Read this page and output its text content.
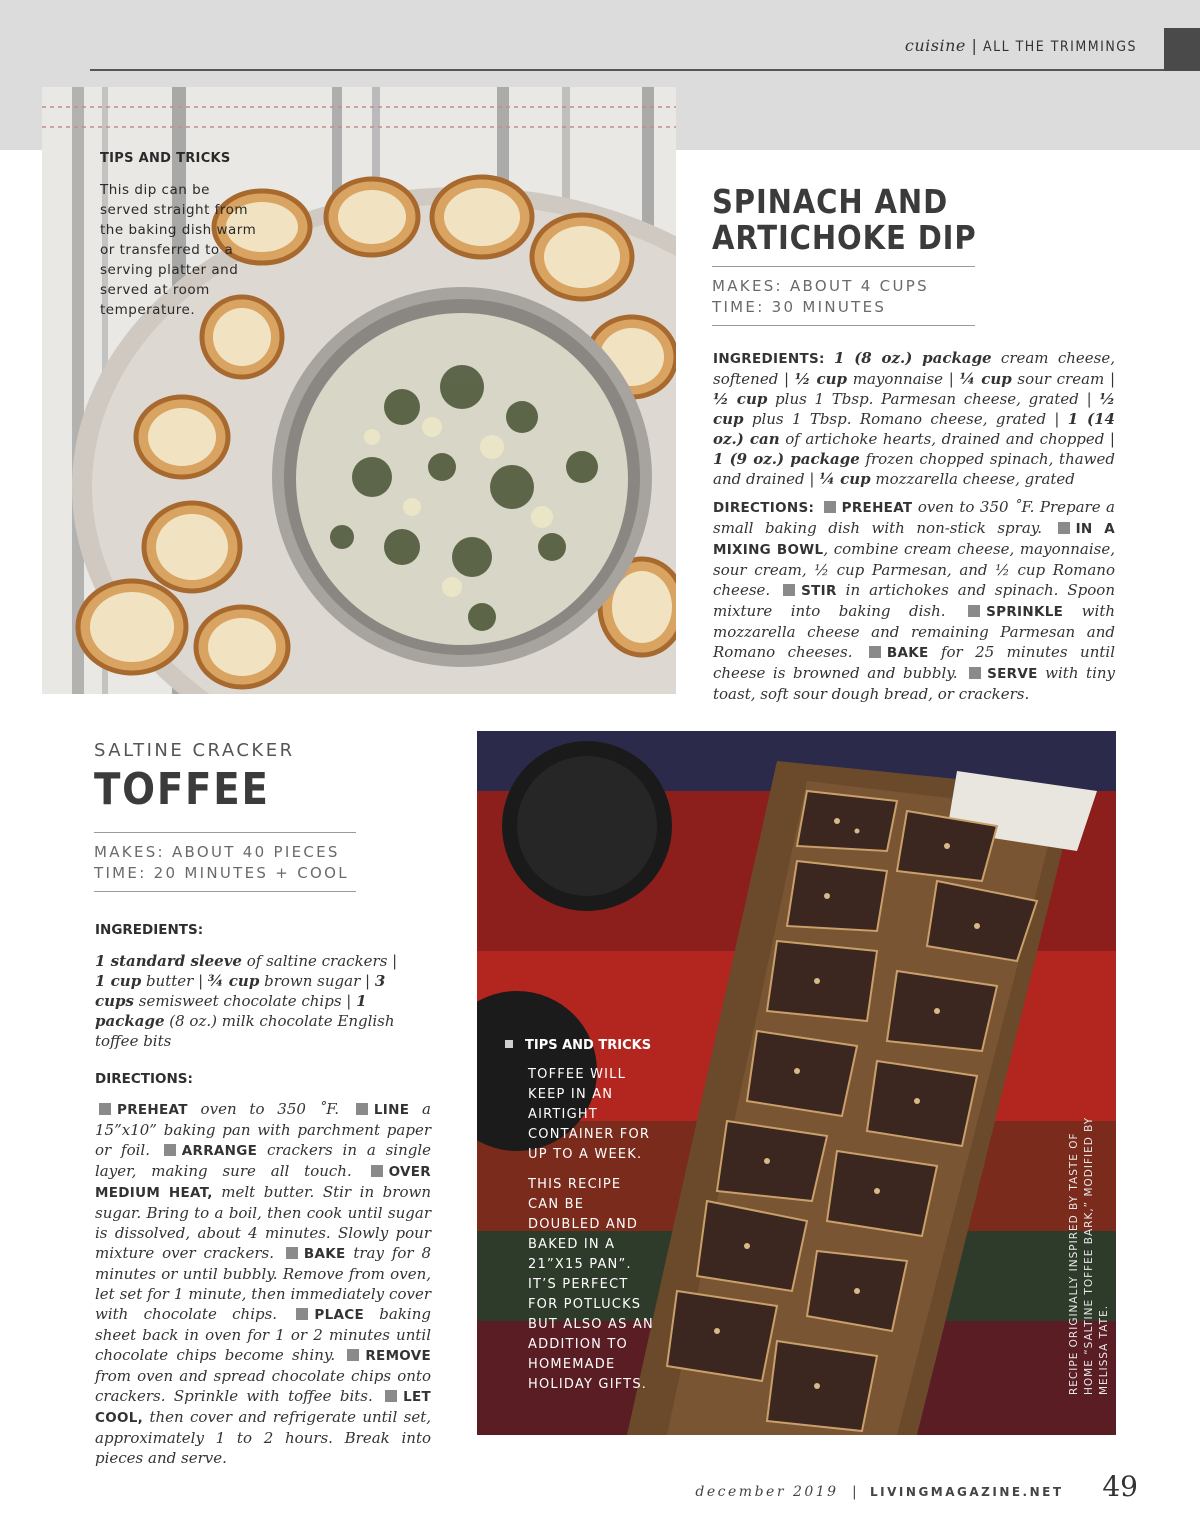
cuisine | ALL THE TRIMMINGS
TIPS AND TRICKS
This dip can be served straight from the baking dish warm or transferred to a serving platter and served at room temperature.
SPINACH AND
ARTICHOKE DIP
MAKES: ABOUT 4 CUPS
TIME: 30 MINUTES
INGREDIENTS: 1 (8 oz.) package cream cheese, softened | ½ cup mayonnaise | ¼ cup sour cream | ½ cup plus 1 Tbsp. Parmesan cheese, grated | ½ cup plus 1 Tbsp. Romano cheese, grated | 1 (14 oz.) can of artichoke hearts, drained and chopped | 1 (9 oz.) package frozen chopped spinach, thawed and drained | ¼ cup mozzarella cheese, grated
DIRECTIONS: PREHEAT oven to 350 ˚F. Prepare a small baking dish with non-stick spray. IN A MIXING BOWL, combine cream cheese, mayonnaise, sour cream, ½ cup Parmesan, and ½ cup Romano cheese. STIR in artichokes and spinach. Spoon mixture into baking dish. SPRINKLE with mozzarella cheese and remaining Parmesan and Romano cheeses. BAKE for 25 minutes until cheese is browned and bubbly. SERVE with tiny toast, soft sour dough bread, or crackers.
SALTINE CRACKER
TOFFEE
MAKES: ABOUT 40 PIECES
TIME: 20 MINUTES + COOL
INGREDIENTS:
1 standard sleeve of saltine crackers | 1 cup butter | ¾ cup brown sugar | 3 cups semisweet chocolate chips | 1 package (8 oz.) milk chocolate English toffee bits
DIRECTIONS:
PREHEAT oven to 350 ˚F. LINE a 15”x10” baking pan with parchment paper or foil. ARRANGE crackers in a single layer, making sure all touch. OVER MEDIUM HEAT, melt butter. Stir in brown sugar. Bring to a boil, then cook until sugar is dissolved, about 4 minutes. Slowly pour mixture over crackers. BAKE tray for 8 minutes or until bubbly. Remove from oven, let set for 1 minute, then immediately cover with chocolate chips. PLACE baking sheet back in oven for 1 or 2 minutes until chocolate chips become shiny. REMOVE from oven and spread chocolate chips onto crackers. Sprinkle with toffee bits. LET COOL, then cover and refrigerate until set, approximately 1 to 2 hours. Break into pieces and serve.
TIPS AND TRICKS
TOFFEE WILL KEEP IN AN AIRTIGHT CONTAINER FOR UP TO A WEEK.
THIS RECIPE CAN BE DOUBLED AND BAKED IN A 21”X15 PAN”. IT’S PERFECT FOR POTLUCKS BUT ALSO AS AN ADDITION TO HOMEMADE HOLIDAY GIFTS.	RECIPE ORIGINALLY INSPIRED BY TASTE OF HOME “SALTINE TOFFEE BARK,” MODIFIED BY MELISSA TATE.
december 2019 | LIVINGMAGAZINE.NET	49
